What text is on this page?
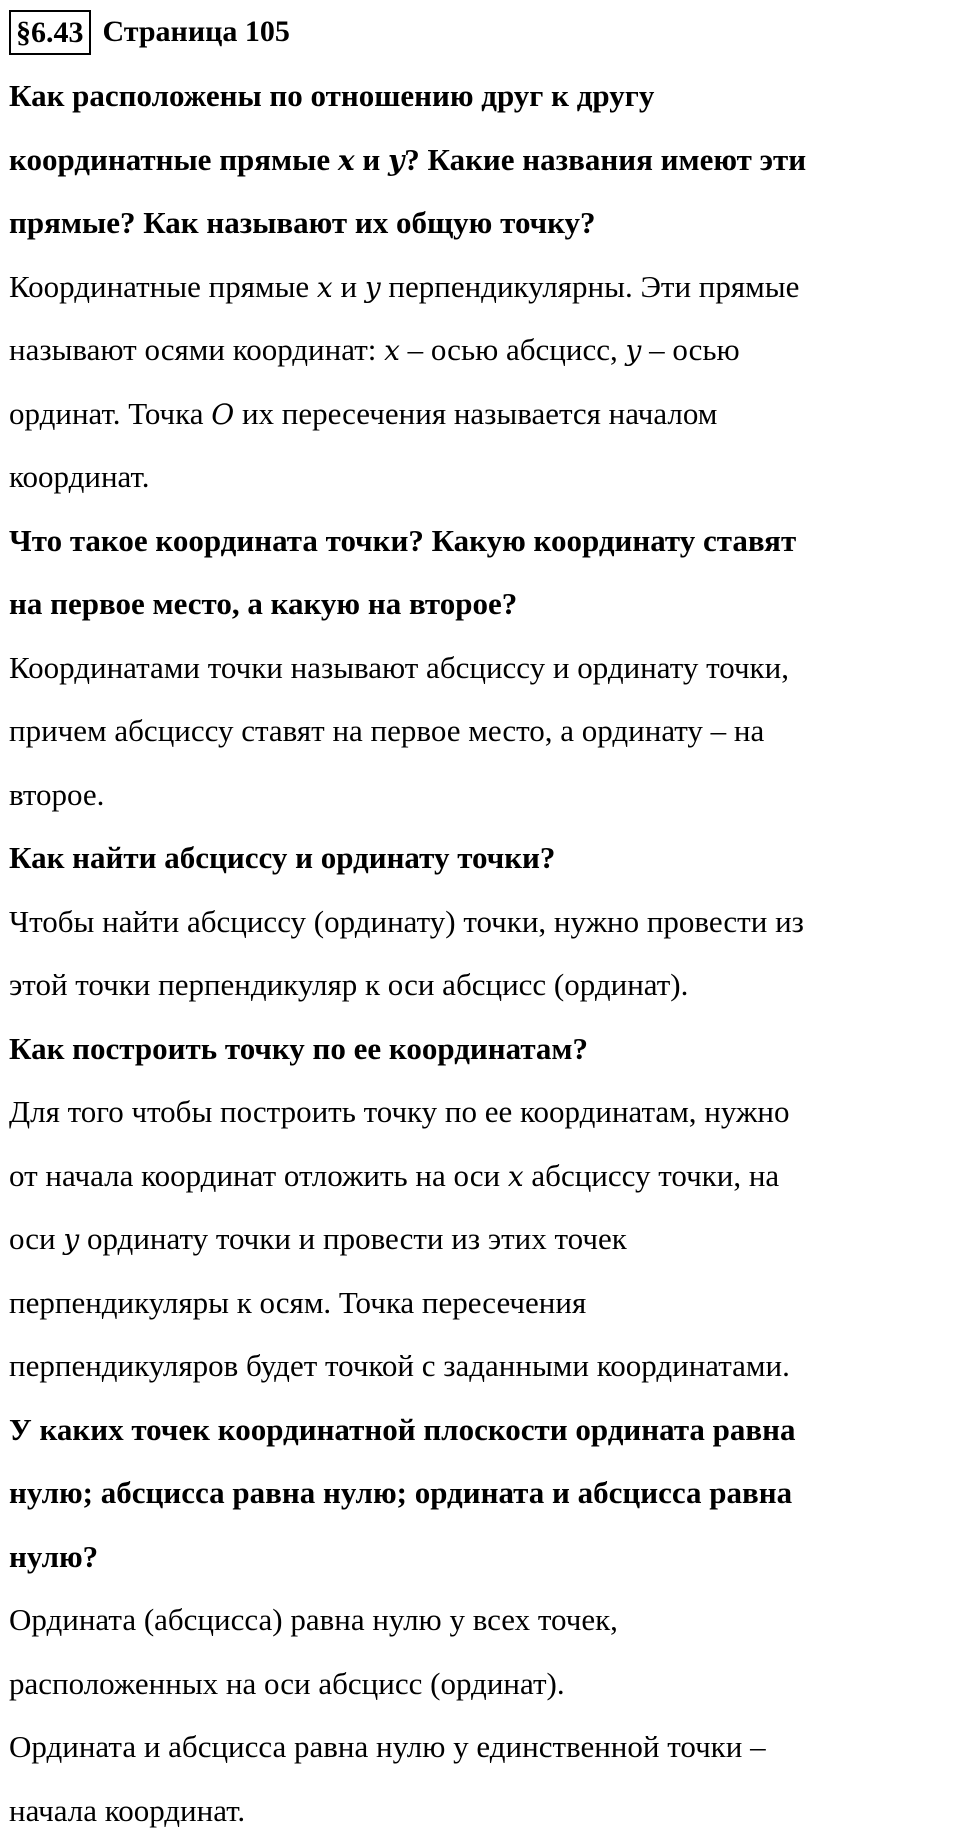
§6.43 Страница 105
Как расположены по отношению друг к другу
координатные прямые x и y? Какие названия имеют эти
прямые? Как называют их общую точку?
Координатные прямые x и y перпендикулярны. Эти прямые
называют осями координат: x – осью абсцисс, y – осью
ординат. Точка O их пересечения называется началом
координат.
Что такое координата точки? Какую координату ставят
на первое место, а какую на второе?
Координатами точки называют абсциссу и ординату точки,
причем абсциссу ставят на первое место, а ординату – на
второе.
Как найти абсциссу и ординату точки?
Чтобы найти абсциссу (ординату) точки, нужно провести из
этой точки перпендикуляр к оси абсцисс (ординат).
Как построить точку по ее координатам?
Для того чтобы построить точку по ее координатам, нужно
от начала координат отложить на оси x абсциссу точки, на
оси y ординату точки и провести из этих точек
перпендикуляры к осям. Точка пересечения
перпендикуляров будет точкой с заданными координатами.
У каких точек координатной плоскости ордината равна
нулю; абсцисса равна нулю; ордината и абсцисса равна
нулю?
Ордината (абсцисса) равна нулю у всех точек,
расположенных на оси абсцисс (ординат).
Ордината и абсцисса равна нулю у единственной точки –
начала координат.
